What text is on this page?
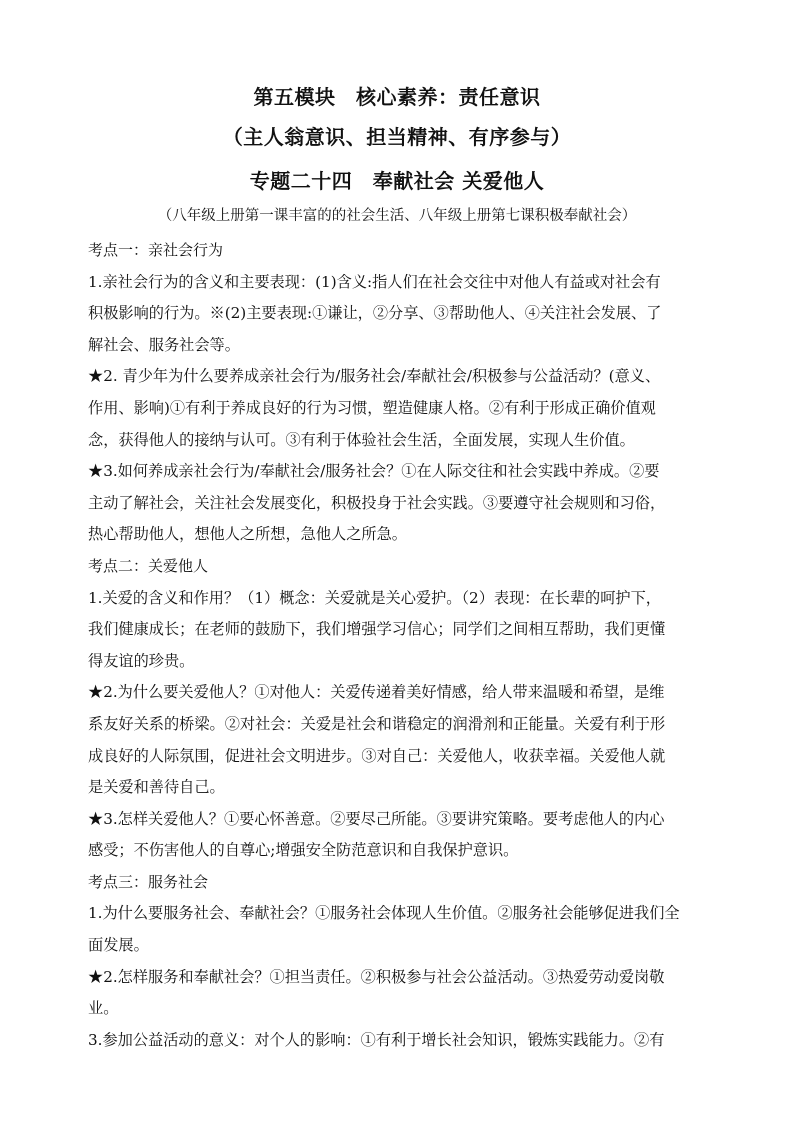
第五模块　核心素养：责任意识
（主人翁意识、担当精神、有序参与）
专题二十四　奉献社会 关爱他人
（八年级上册第一课丰富的的社会生活、八年级上册第七课积极奉献社会）
考点一：亲社会行为
1.亲社会行为的含义和主要表现：(1)含义:指人们在社会交往中对他人有益或对社会有
积极影响的行为。※(2)主要表现:①谦让，②分享、③帮助他人、④关注社会发展、了
解社会、服务社会等。
★2. 青少年为什么要养成亲社会行为/服务社会/奉献社会/积极参与公益活动？(意义、
作用、影响)①有利于养成良好的行为习惯，塑造健康人格。②有利于形成正确价值观
念，获得他人的接纳与认可。③有利于体验社会生活，全面发展，实现人生价值。
★3.如何养成亲社会行为/奉献社会/服务社会？①在人际交往和社会实践中养成。②要
主动了解社会，关注社会发展变化，积极投身于社会实践。③要遵守社会规则和习俗，
热心帮助他人，想他人之所想，急他人之所急。
考点二：关爱他人
1.关爱的含义和作用？（1）概念：关爱就是关心爱护。（2）表现：在长辈的呵护下，
我们健康成长；在老师的鼓励下，我们增强学习信心；同学们之间相互帮助，我们更懂
得友谊的珍贵。
★2.为什么要关爱他人？①对他人：关爱传递着美好情感，给人带来温暖和希望，是维
系友好关系的桥梁。②对社会：关爱是社会和谐稳定的润滑剂和正能量。关爱有利于形
成良好的人际氛围，促进社会文明进步。③对自己：关爱他人，收获幸福。关爱他人就
是关爱和善待自己。
★3.怎样关爱他人？①要心怀善意。②要尽己所能。③要讲究策略。要考虑他人的内心
感受；不伤害他人的自尊心;增强安全防范意识和自我保护意识。
考点三：服务社会
1.为什么要服务社会、奉献社会？①服务社会体现人生价值。②服务社会能够促进我们全
面发展。
★2.怎样服务和奉献社会？①担当责任。②积极参与社会公益活动。③热爱劳动爱岗敬
业。
3.参加公益活动的意义：对个人的影响：①有利于增长社会知识，锻炼实践能力。②有
